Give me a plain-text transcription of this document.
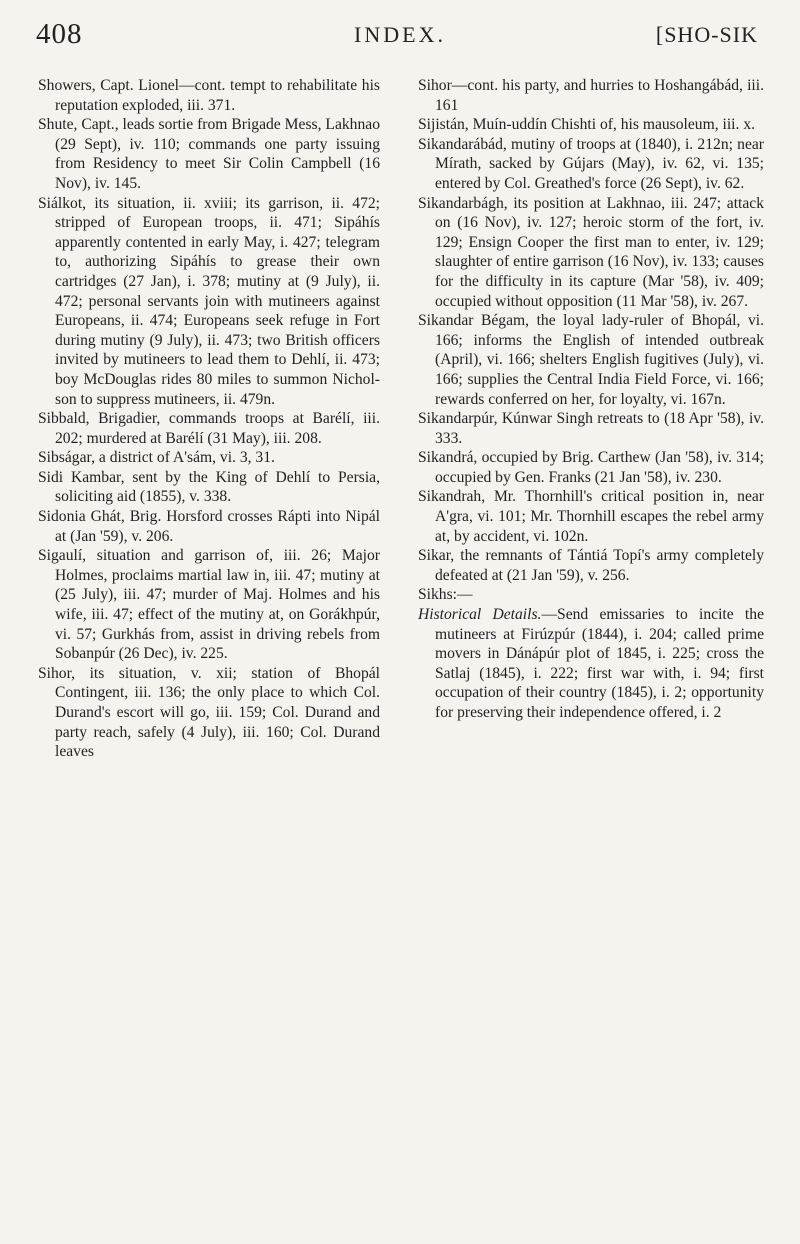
408	INDEX.	[SHO-SIK

Showers, Capt. Lionel—cont. tempt to rehabilitate his reputation exploded, iii. 371.

Shute, Capt., leads sortie from Brigade Mess, Lakhnao (29 Sept), iv. 110; commands one party issuing from Residency to meet Sir Colin Campbell (16 Nov), iv. 145.

Siálkot, its situation, ii. xviii; its garrison, ii. 472; stripped of European troops, ii. 471; Sipáhís apparently contented in early May, i. 427; telegram to, authorizing Sipáhís to grease their own cartridges (27 Jan), i. 378; mutiny at (9 July), ii. 472; personal servants join with mutineers against Europeans, ii. 474; Europeans seek refuge in Fort during mutiny (9 July), ii. 473; two British officers invited by mutineers to lead them to Dehlí, ii. 473; boy McDouglas rides 80 miles to summon Nicholson to suppress mutineers, ii. 479n.

Sibbald, Brigadier, commands troops at Barélí, iii. 202; murdered at Barélí (31 May), iii. 208.

Sibságar, a district of A'sám, vi. 3, 31.

Sidi Kambar, sent by the King of Dehlí to Persia, soliciting aid (1855), v. 338.

Sidonia Ghát, Brig. Horsford crosses Rápti into Nipál at (Jan '59), v. 206.

Sigaulí, situation and garrison of, iii. 26; Major Holmes, proclaims martial law in, iii. 47; mutiny at (25 July), iii. 47; murder of Maj. Holmes and his wife, iii. 47; effect of the mutiny at, on Gorákhpúr, vi. 57; Gurkhás from, assist in driving rebels from Sobanpúr (26 Dec), iv. 225.

Sihor, its situation, v. xii; station of Bhopál Contingent, iii. 136; the only place to which Col. Durand's escort will go, iii. 159; Col. Durand and party reach, safely (4 July), iii. 160; Col. Durand leaves

Sihor—cont. his party, and hurries to Hoshangábád, iii. 161

Sijistán, Muín-uddín Chishti of, his mausoleum, iii. x.

Sikandarábád, mutiny of troops at (1840), i. 212n; near Mírath, sacked by Gújars (May), iv. 62, vi. 135; entered by Col. Greathed's force (26 Sept), iv. 62.

Sikandarbágh, its position at Lakhnao, iii. 247; attack on (16 Nov), iv. 127; heroic storm of the fort, iv. 129; Ensign Cooper the first man to enter, iv. 129; slaughter of entire garrison (16 Nov), iv. 133; causes for the difficulty in its capture (Mar '58), iv. 409; occupied without opposition (11 Mar '58), iv. 267.

Sikandar Bégam, the loyal lady-ruler of Bhopál, vi. 166; informs the English of intended outbreak (April), vi. 166; shelters English fugitives (July), vi. 166; supplies the Central India Field Force, vi. 166; rewards conferred on her, for loyalty, vi. 167n.

Sikandarpúr, Kúnwar Singh retreats to (18 Apr '58), iv. 333.

Sikandrá, occupied by Brig. Carthew (Jan '58), iv. 314; occupied by Gen. Franks (21 Jan '58), iv. 230.

Sikandrah, Mr. Thornhill's critical position in, near A'gra, vi. 101; Mr. Thornhill escapes the rebel army at, by accident, vi. 102n.

Sikar, the remnants of Tántiá Topí's army completely defeated at (21 Jan '59), v. 256.

Sikhs:—

Historical Details.—Send emissaries to incite the mutineers at Firúzpúr (1844), i. 204; called prime movers in Dánápúr plot of 1845, i. 225; cross the Satlaj (1845), i. 222; first war with, i. 94; first occupation of their country (1845), i. 2; opportunity for preserving their independence offered, i. 2
